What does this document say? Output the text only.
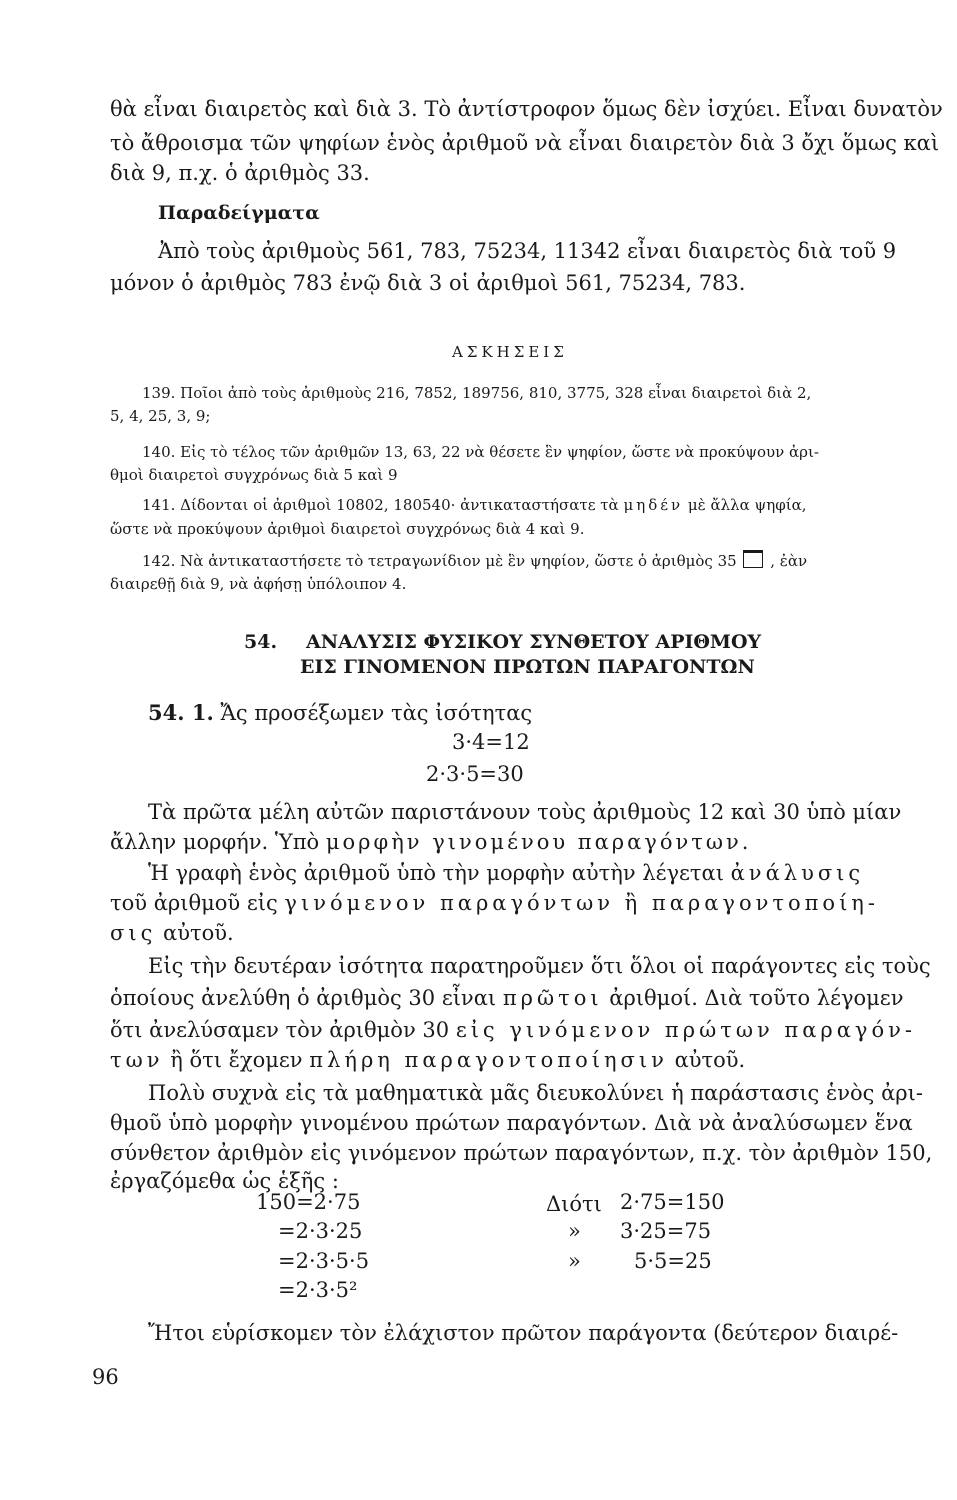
θὰ εἶναι διαιρετὸς καὶ διὰ 3. Τὸ ἀντίστροφον ὅμως δὲν ἰσχύει. Εἶναι δυνατὸν
τὸ ἄθροισμα τῶν ψηφίων ἑνὸς ἀριθμοῦ νὰ εἶναι διαιρετὸν διὰ 3 ὄχι ὅμως καὶ
διὰ 9, π.χ. ὁ ἀριθμὸς 33.
Παραδείγματα
Ἀπὸ τοὺς ἀριθμοὺς 561, 783, 75234, 11342 εἶναι διαιρετὸς διὰ τοῦ 9
μόνον ὁ ἀριθμὸς 783 ἐνῷ διὰ 3 οἱ ἀριθμοὶ 561, 75234, 783.
ΑΣΚΗΣΕΙΣ
139. Ποῖοι ἀπὸ τοὺς ἀριθμοὺς 216, 7852, 189756, 810, 3775, 328 εἶναι διαιρετοὶ διὰ 2,
5, 4, 25, 3, 9;
140. Εἰς τὸ τέλος τῶν ἀριθμῶν 13, 63, 22 νὰ θέσετε ἓν ψηφίον, ὥστε νὰ προκύψουν ἀρι-
θμοὶ διαιρετοὶ συγχρόνως διὰ 5 καὶ 9
141. Δίδονται οἱ ἀριθμοὶ 10802, 180540· ἀντικαταστήσατε τὰ μηδέν μὲ ἄλλα ψηφία,
ὥστε νὰ προκύψουν ἀριθμοὶ διαιρετοὶ συγχρόνως διὰ 4 καὶ 9.
142. Νὰ ἀντικαταστήσετε τὸ τετραγωνίδιον μὲ ἓν ψηφίον, ὥστε ὁ ἀριθμὸς 35 , ἐὰν
διαιρεθῇ διὰ 9, νὰ ἀφήσῃ ὑπόλοιπον 4.
54. ΑΝΑΛΥΣΙΣ ΦΥΣΙΚΟΥ ΣΥΝΘΕΤΟΥ ΑΡΙΘΜΟΥ
ΕΙΣ ΓΙΝΟΜΕΝΟΝ ΠΡΩΤΩΝ ΠΑΡΑΓΟΝΤΩΝ
54. 1. Ἄς προσέξωμεν τὰς ἰσότητας
3·4=12
2·3·5=30
Τὰ πρῶτα μέλη αὐτῶν παριστάνουν τοὺς ἀριθμοὺς 12 καὶ 30 ὑπὸ μίαν
ἄλλην μορφήν. Ὑπὸ μορφὴν γινομένου παραγόντων.
Ἡ γραφὴ ἑνὸς ἀριθμοῦ ὑπὸ τὴν μορφὴν αὐτὴν λέγεται ἀνάλυσις
τοῦ ἀριθμοῦ εἰς γινόμενον παραγόντων ἢ παραγοντοποίη-
σις αὐτοῦ.
Εἰς τὴν δευτέραν ἰσότητα παρατηροῦμεν ὅτι ὅλοι οἱ παράγοντες εἰς τοὺς
ὁποίους ἀνελύθη ὁ ἀριθμὸς 30 εἶναι πρῶτοι ἀριθμοί. Διὰ τοῦτο λέγομεν
ὅτι ἀνελύσαμεν τὸν ἀριθμὸν 30 εἰς γινόμενον πρώτων παραγόν-
των ἢ ὅτι ἔχομεν πλήρη παραγοντοποίησιν αὐτοῦ.
Πολὺ συχνὰ εἰς τὰ μαθηματικὰ μᾶς διευκολύνει ἡ παράστασις ἑνὸς ἀρι-
θμοῦ ὑπὸ μορφὴν γινομένου πρώτων παραγόντων. Διὰ νὰ ἀναλύσωμεν ἕνα
σύνθετον ἀριθμὸν εἰς γινόμενον πρώτων παραγόντων, π.χ. τὸν ἀριθμὸν 150,
ἐργαζόμεθα ὡς ἑξῆς :
150=2·75
=2·3·25
=2·3·5·5
=2·3·5²
Διότι 2·75=150
» 3·25=75
»	5·5=25
Ἤτοι εὑρίσκομεν τὸν ἐλάχιστον πρῶτον παράγοντα (δεύτερον διαιρέ-
96
